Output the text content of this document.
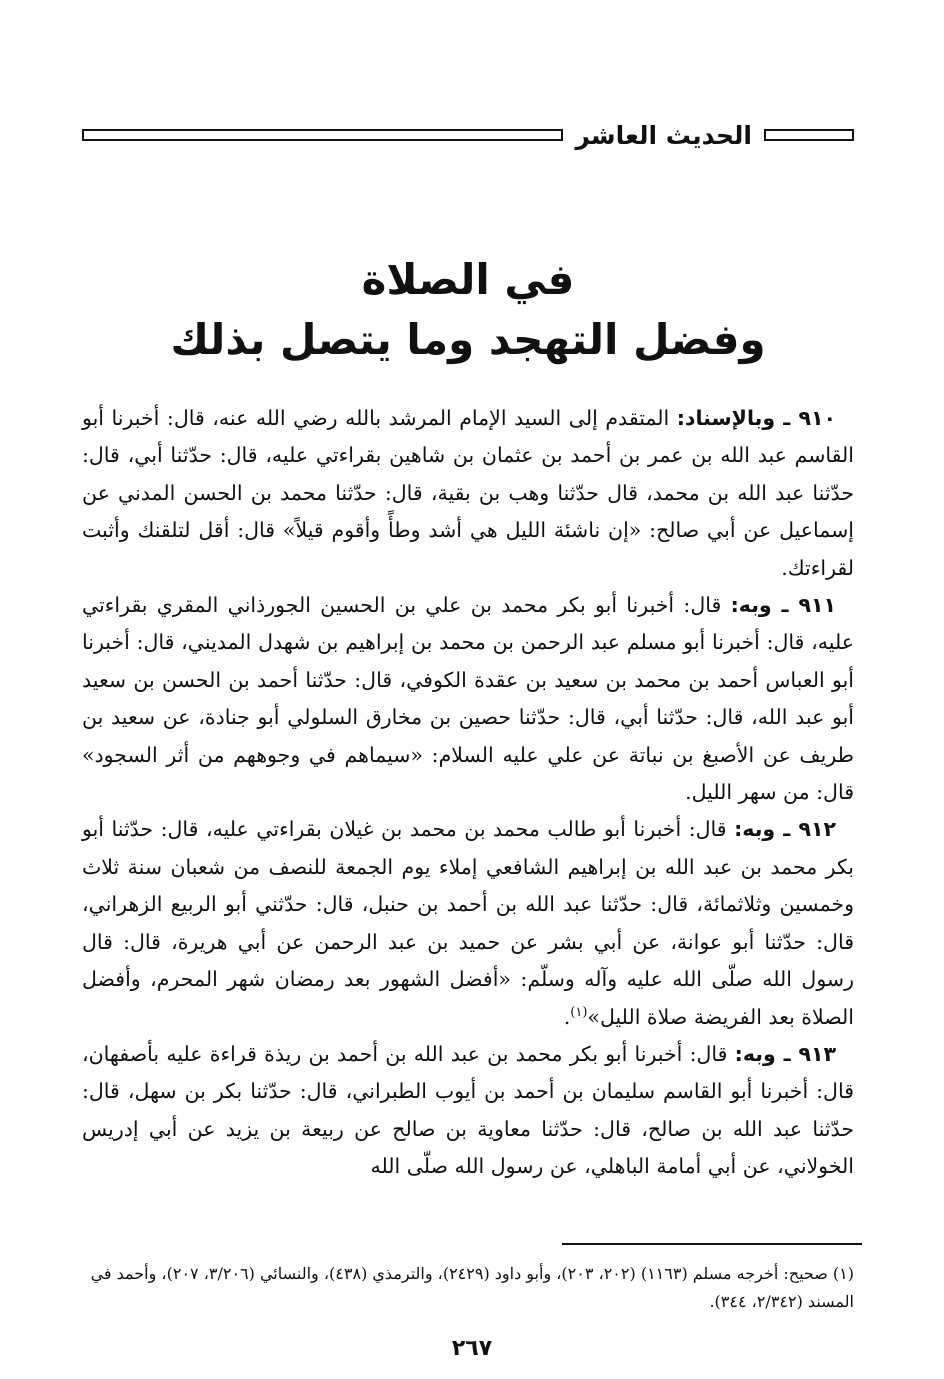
الحديث العاشر
في الصلاة
وفضل التهجد وما يتصل بذلك

٩١٠ ـ وبالإسناد: المتقدم إلى السيد الإمام المرشد بالله رضي الله عنه، قال: أخبرنا أبو القاسم عبد الله بن عمر بن أحمد بن عثمان بن شاهين بقراءتي عليه، قال: حدّثنا أبي، قال: حدّثنا عبد الله بن محمد، قال حدّثنا وهب بن بقية، قال: حدّثنا محمد بن الحسن المدني عن إسماعيل عن أبي صالح: «إن ناشئة الليل هي أشد وطأً وأقوم قيلاً» قال: أقل لتلقنك وأثبت لقراءتك.

٩١١ ـ وبه: قال: أخبرنا أبو بكر محمد بن علي بن الحسين الجورذاني المقري بقراءتي عليه، قال: أخبرنا أبو مسلم عبد الرحمن بن محمد بن إبراهيم بن شهدل المديني، قال: أخبرنا أبو العباس أحمد بن محمد بن سعيد بن عقدة الكوفي، قال: حدّثنا أحمد بن الحسن بن سعيد أبو عبد الله، قال: حدّثنا أبي، قال: حدّثنا حصين بن مخارق السلولي أبو جنادة، عن سعيد بن طريف عن الأصبغ بن نباتة عن علي عليه السلام: «سيماهم في وجوههم من أثر السجود» قال: من سهر الليل.

٩١٢ ـ وبه: قال: أخبرنا أبو طالب محمد بن محمد بن غيلان بقراءتي عليه، قال: حدّثنا أبو بكر محمد بن عبد الله بن إبراهيم الشافعي إملاء يوم الجمعة للنصف من شعبان سنة ثلاث وخمسين وثلاثمائة، قال: حدّثنا عبد الله بن أحمد بن حنبل، قال: حدّثني أبو الربيع الزهراني، قال: حدّثنا أبو عوانة، عن أبي بشر عن حميد بن عبد الرحمن عن أبي هريرة، قال: قال رسول الله صلّى الله عليه وآله وسلّم: «أفضل الشهور بعد رمضان شهر المحرم، وأفضل الصلاة بعد الفريضة صلاة الليل»$^{(١)}$.

٩١٣ ـ وبه: قال: أخبرنا أبو بكر محمد بن عبد الله بن أحمد بن ريذة قراءة عليه بأصفهان، قال: أخبرنا أبو القاسم سليمان بن أحمد بن أيوب الطبراني، قال: حدّثنا بكر بن سهل، قال: حدّثنا عبد الله بن صالح، قال: حدّثنا معاوية بن صالح عن ربيعة بن يزيد عن أبي إدريس الخولاني، عن أبي أمامة الباهلي، عن رسول الله صلّى الله

(١) صحيح: أخرجه مسلم (١١٦٣) (٢٠٢، ٢٠٣)، وأبو داود (٢٤٢٩)، والترمذي (٤٣٨)، والنسائي (٣/٢٠٦، ٢٠٧)، وأحمد في المسند (٢/٣٤٢، ٣٤٤).

٢٦٧
